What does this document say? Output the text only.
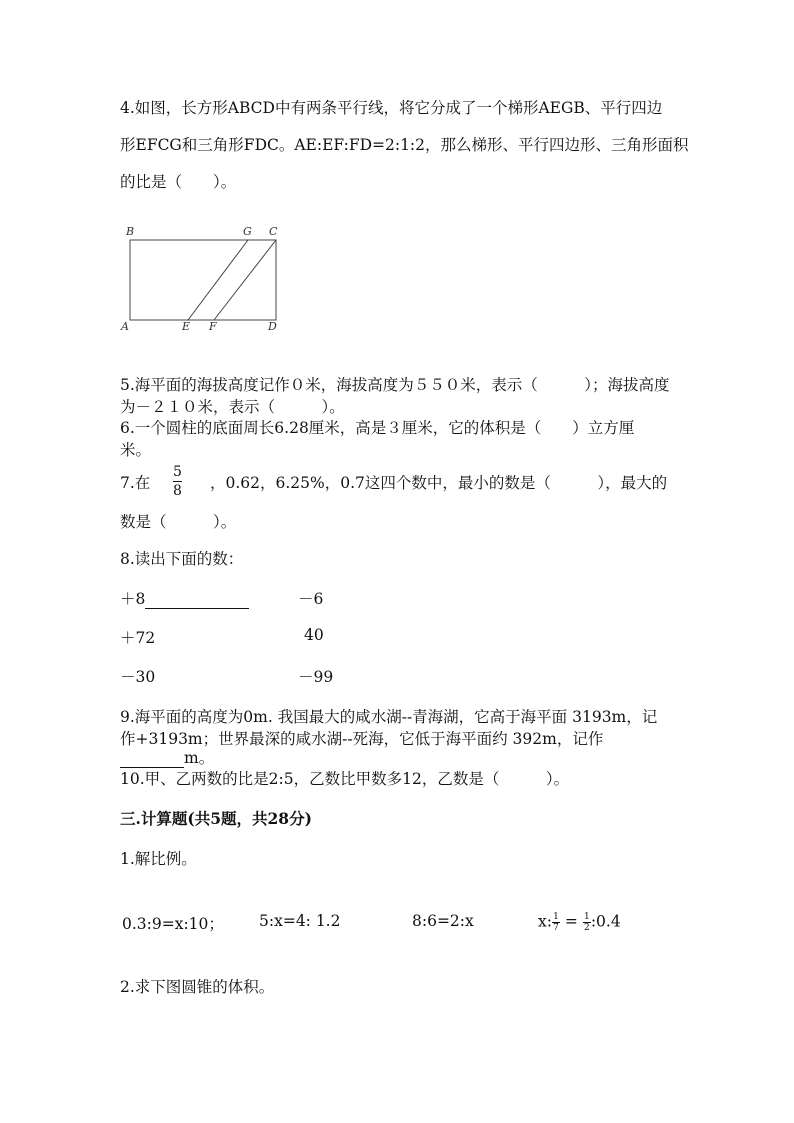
4.如图，长方形ABCD中有两条平行线，将它分成了一个梯形AEGB、平行四边
形EFCG和三角形FDC。AE:EF:FD=2:1:2，那么梯形、平行四边形、三角形面积
的比是（　　）。
B	G C
A	E F	D
5.海平面的海拔高度记作０米，海拔高度为５５０米，表示（　　　）；海拔高度
为－２１０米，表示（　　　）。
6.一个圆柱的底面周长6.28厘米，高是３厘米，它的体积是（　　）立方厘
米。
7.在
5
8 ，0.62，6.25%，0.7这四个数中，最小的数是（　　　），最大的
数是（　　　）。
8.读出下面的数：
＋8	－6
＋72	40
－30	－99
9.海平面的高度为0m. 我国最大的咸水湖--青海湖，它高于海平面 3193m，记
作+3193m；世界最深的咸水湖--死海，它低于海平面约 392m，记作
m。
10.甲、乙两数的比是2:5，乙数比甲数多12，乙数是（　　　）。
三.计算题(共5题，共28分)
1.解比例。
0.3:9=x:10； 5:x=4: 1.2	8:6=2:x	x: $\frac{1}{7} = \frac{1}{2}$ :0.4
2.求下图圆锥的体积。
